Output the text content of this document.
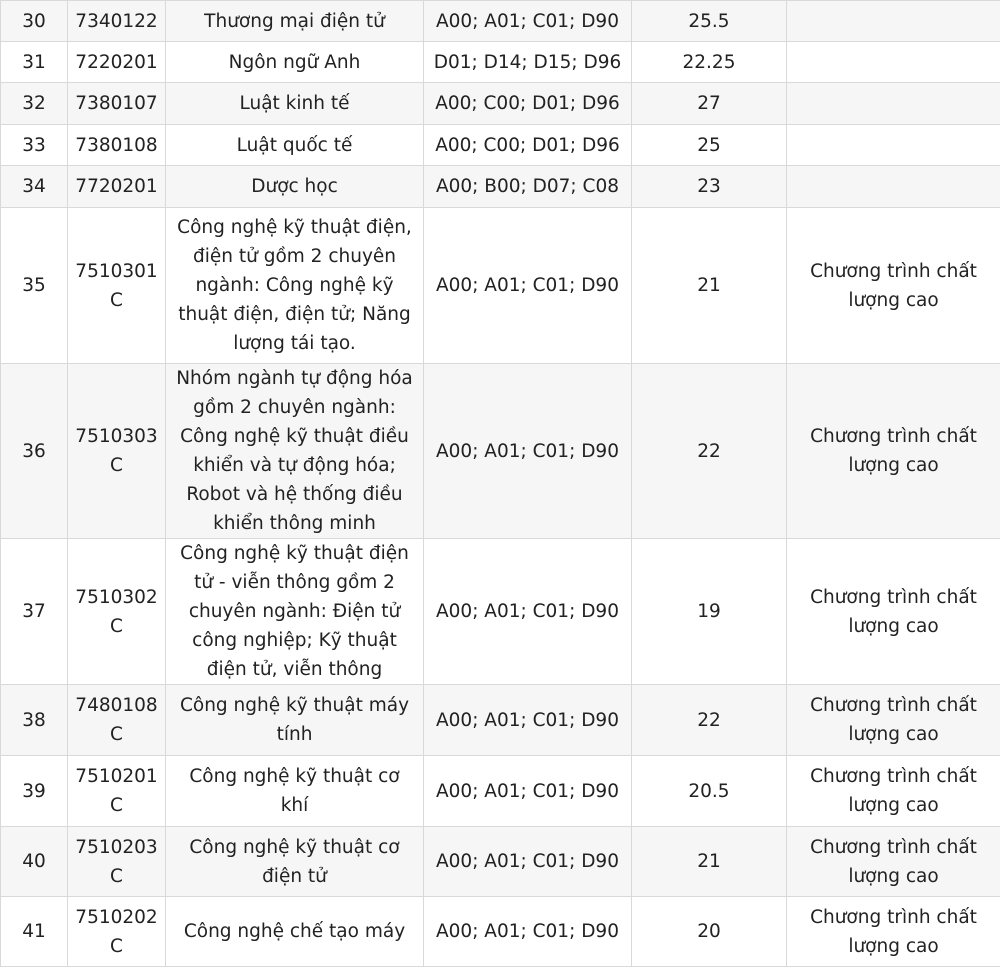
30	7340122	Thương mại điện tử	A00; A01; C01; D90	25.5	
31	7220201	Ngôn ngữ Anh	D01; D14; D15; D96	22.25	
32	7380107	Luật kinh tế	A00; C00; D01; D96	27	
33	7380108	Luật quốc tế	A00; C00; D01; D96	25	
34	7720201	Dược học	A00; B00; D07; C08	23	
35	7510301C	Công nghệ kỹ thuật điện, điện tử gồm 2 chuyên ngành: Công nghệ kỹ thuật điện, điện tử; Năng lượng tái tạo.	A00; A01; C01; D90	21	Chương trình chất lượng cao
36	7510303C	Nhóm ngành tự động hóa gồm 2 chuyên ngành: Công nghệ kỹ thuật điều khiển và tự động hóa; Robot và hệ thống điều khiển thông minh	A00; A01; C01; D90	22	Chương trình chất lượng cao
37	7510302C	Công nghệ kỹ thuật điện tử - viễn thông gồm 2 chuyên ngành: Điện tử công nghiệp; Kỹ thuật điện tử, viễn thông	A00; A01; C01; D90	19	Chương trình chất lượng cao
38	7480108C	Công nghệ kỹ thuật máy tính	A00; A01; C01; D90	22	Chương trình chất lượng cao
39	7510201C	Công nghệ kỹ thuật cơ khí	A00; A01; C01; D90	20.5	Chương trình chất lượng cao
40	7510203C	Công nghệ kỹ thuật cơ điện tử	A00; A01; C01; D90	21	Chương trình chất lượng cao
41	7510202C	Công nghệ chế tạo máy	A00; A01; C01; D90	20	Chương trình chất lượng cao
